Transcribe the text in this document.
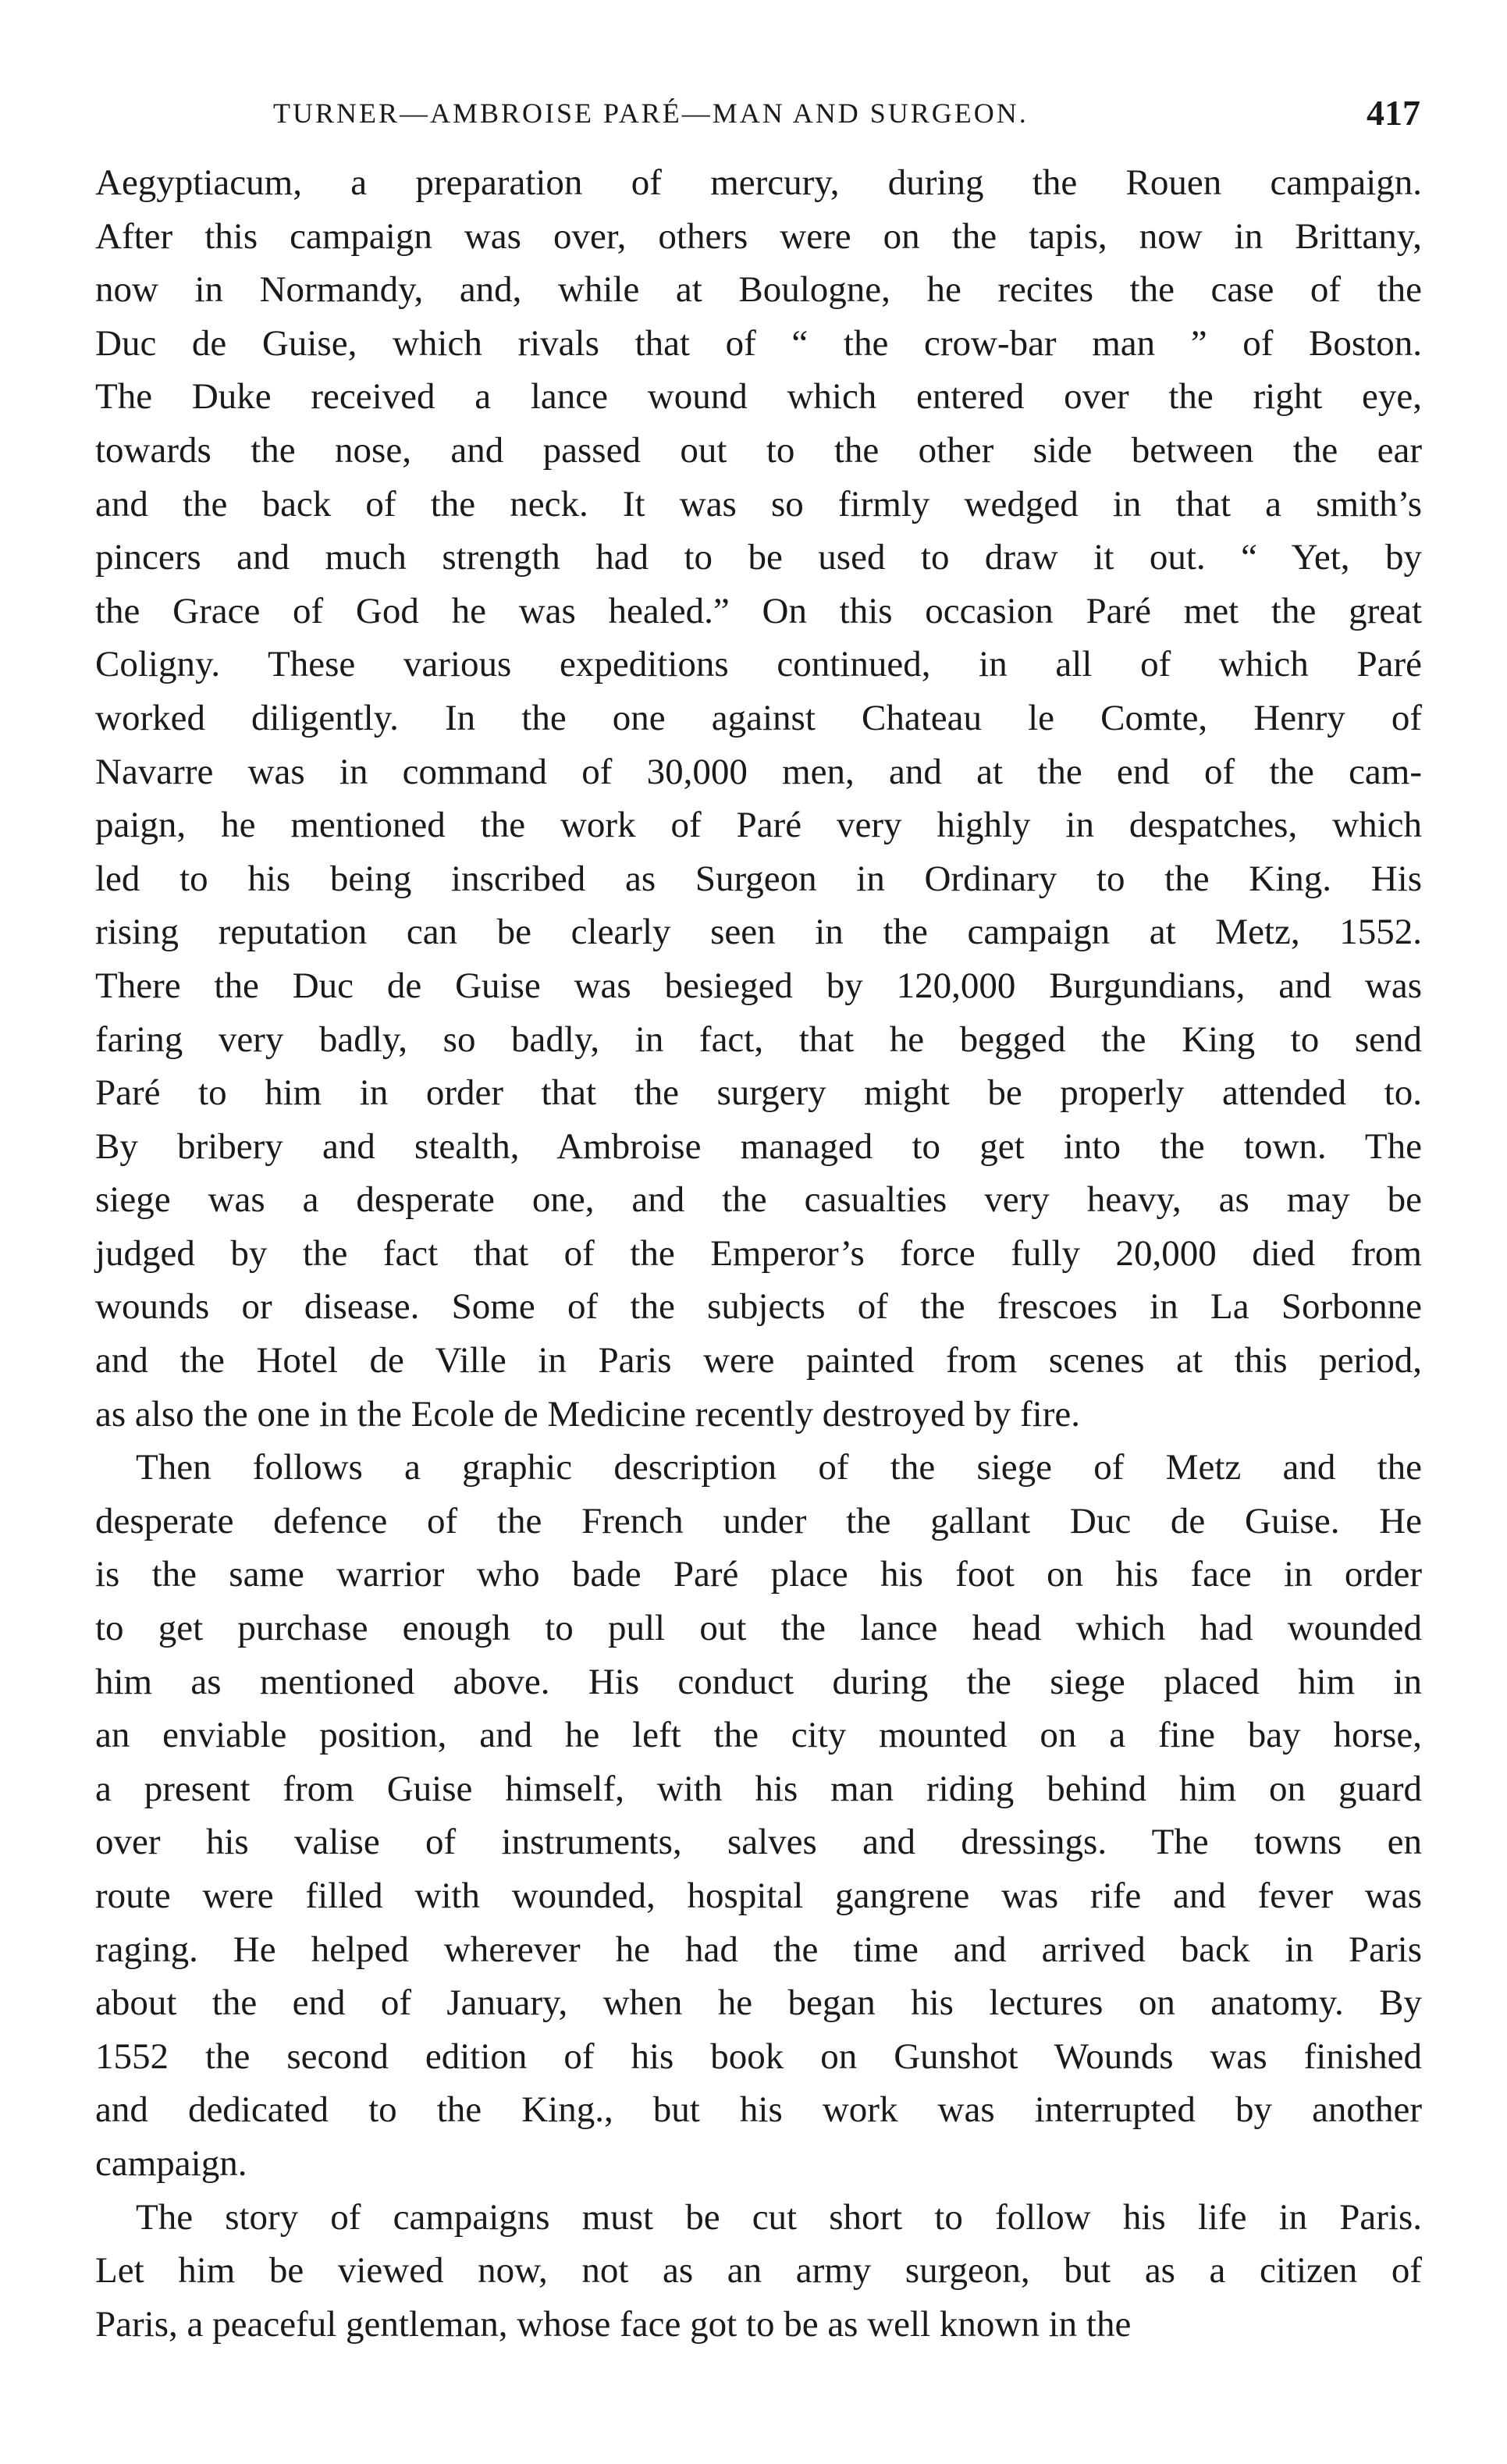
TURNER—AMBROISE PARÉ—MAN AND SURGEON.	417
Aegyptiacum, a preparation of mercury, during the Rouen campaign.
After this campaign was over, others were on the tapis, now in Brittany,
now in Normandy, and, while at Boulogne, he recites the case of the
Duc de Guise, which rivals that of “ the crow-bar man ” of Boston.
The Duke received a lance wound which entered over the right eye,
towards the nose, and passed out to the other side between the ear
and the back of the neck. It was so firmly wedged in that a smith’s
pincers and much strength had to be used to draw it out. “ Yet, by
the Grace of God he was healed.” On this occasion Paré met the great
Coligny. These various expeditions continued, in all of which Paré
worked diligently. In the one against Chateau le Comte, Henry of
Navarre was in command of 30,000 men, and at the end of the cam-
paign, he mentioned the work of Paré very highly in despatches, which
led to his being inscribed as Surgeon in Ordinary to the King. His
rising reputation can be clearly seen in the campaign at Metz, 1552.
There the Duc de Guise was besieged by 120,000 Burgundians, and was
faring very badly, so badly, in fact, that he begged the King to send
Paré to him in order that the surgery might be properly attended to.
By bribery and stealth, Ambroise managed to get into the town. The
siege was a desperate one, and the casualties very heavy, as may be
judged by the fact that of the Emperor’s force fully 20,000 died from
wounds or disease. Some of the subjects of the frescoes in La Sorbonne
and the Hotel de Ville in Paris were painted from scenes at this period,
as also the one in the Ecole de Medicine recently destroyed by fire.
Then follows a graphic description of the siege of Metz and the
desperate defence of the French under the gallant Duc de Guise. He
is the same warrior who bade Paré place his foot on his face in order
to get purchase enough to pull out the lance head which had wounded
him as mentioned above. His conduct during the siege placed him in
an enviable position, and he left the city mounted on a fine bay horse,
a present from Guise himself, with his man riding behind him on guard
over his valise of instruments, salves and dressings. The towns en
route were filled with wounded, hospital gangrene was rife and fever was
raging. He helped wherever he had the time and arrived back in Paris
about the end of January, when he began his lectures on anatomy. By
1552 the second edition of his book on Gunshot Wounds was finished
and dedicated to the King., but his work was interrupted by another
campaign.
The story of campaigns must be cut short to follow his life in Paris.
Let him be viewed now, not as an army surgeon, but as a citizen of
Paris, a peaceful gentleman, whose face got to be as well known in the
